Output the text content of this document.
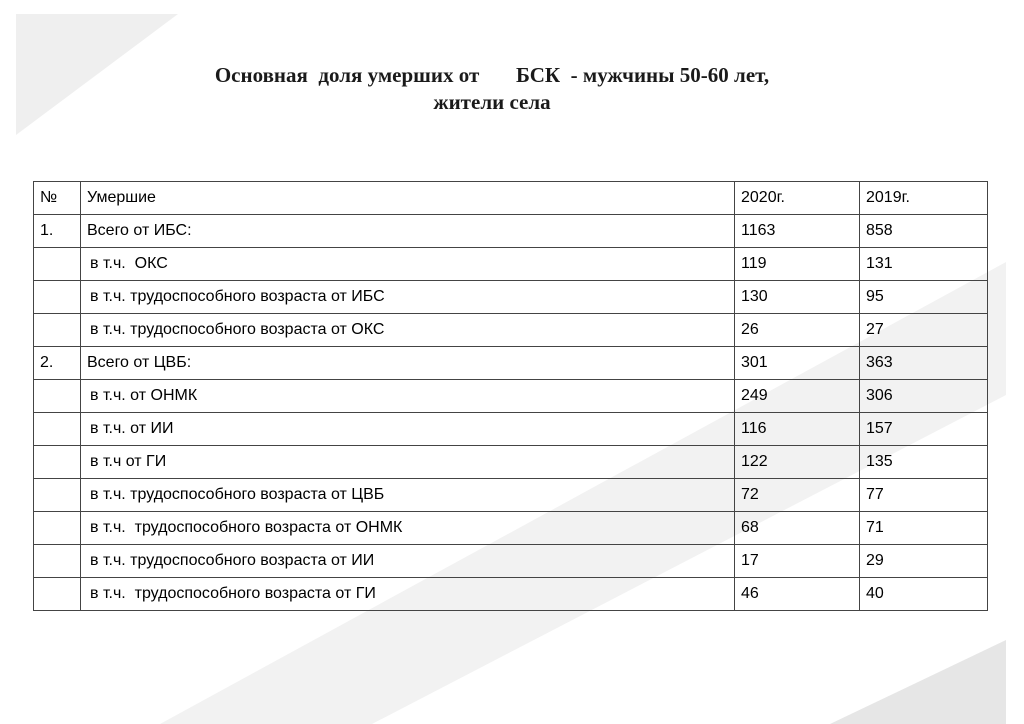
Основная  доля умерших от       БСК  - мужчины 50-60 лет,
жители села
№	Умершие	2020г.	2019г.
1.	Всего от ИБС:	1163	858
	в т.ч.  ОКС	119	131
	в т.ч. трудоспособного возраста от ИБС	130	95
	в т.ч. трудоспособного возраста от ОКС	26	27
2.	Всего от ЦВБ:	301	363
	в т.ч. от ОНМК	249	306
	в т.ч. от ИИ	116	157
	в т.ч от ГИ	122	135
	в т.ч. трудоспособного возраста от ЦВБ	72	77
	в т.ч.  трудоспособного возраста от ОНМК	68	71
	в т.ч. трудоспособного возраста от ИИ	17	29
	в т.ч.  трудоспособного возраста от ГИ	46	40
